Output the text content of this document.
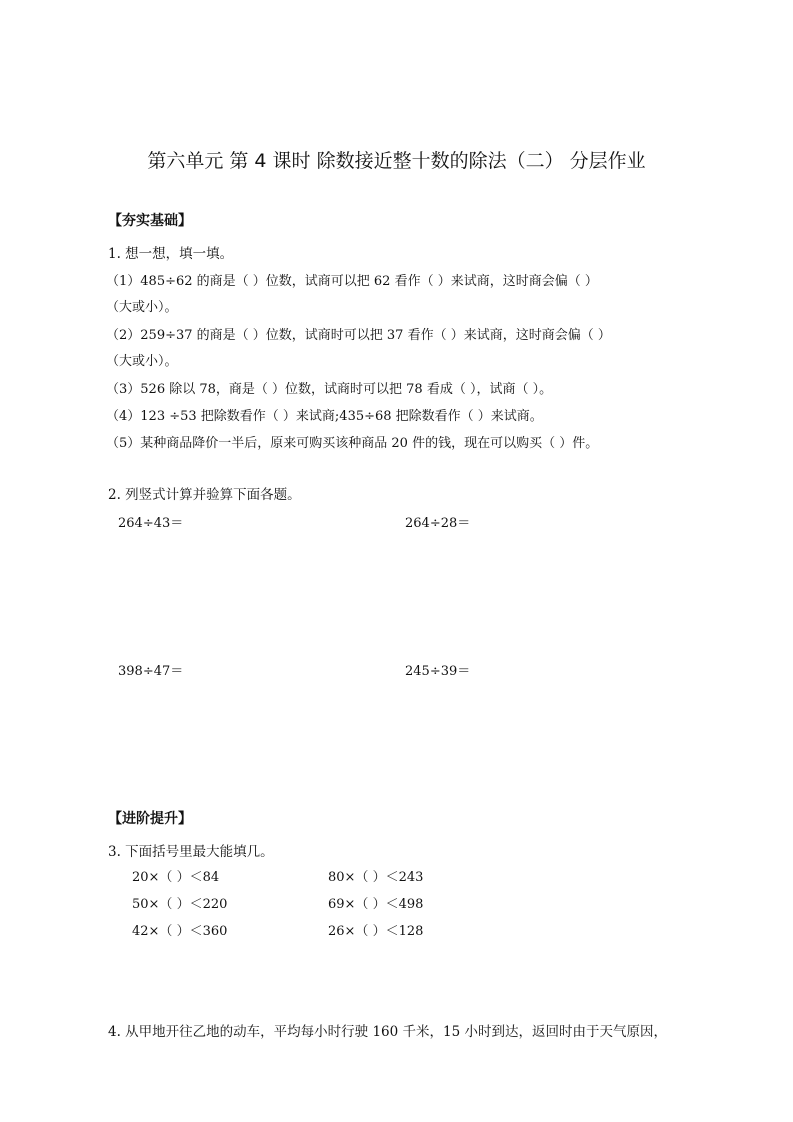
第六单元 第 4 课时 除数接近整十数的除法（二） 分层作业
【夯实基础】
1. 想一想，填一填。
（1）485÷62 的商是（ ）位数，试商可以把 62 看作（ ）来试商，这时商会偏（ ）
（大或小）。
（2）259÷37 的商是（ ）位数，试商时可以把 37 看作（ ）来试商，这时商会偏（ ）
（大或小）。
（3）526 除以 78，商是（ ）位数，试商时可以把 78 看成（ ），试商（ ）。
（4）123 ÷53 把除数看作（ ）来试商;435÷68 把除数看作（ ）来试商。
（5）某种商品降价一半后，原来可购买该种商品 20 件的钱，现在可以购买（ ）件。
2. 列竖式计算并验算下面各题。
264÷43＝	264÷28＝
398÷47＝	245÷39＝
【进阶提升】
3. 下面括号里最大能填几。
20×（ ）＜84	80×（ ）＜243
50×（ ）＜220	69×（ ）＜498
42×（ ）＜360	26×（ ）＜128
4. 从甲地开往乙地的动车，平均每小时行驶 160 千米，15 小时到达，返回时由于天气原因，
